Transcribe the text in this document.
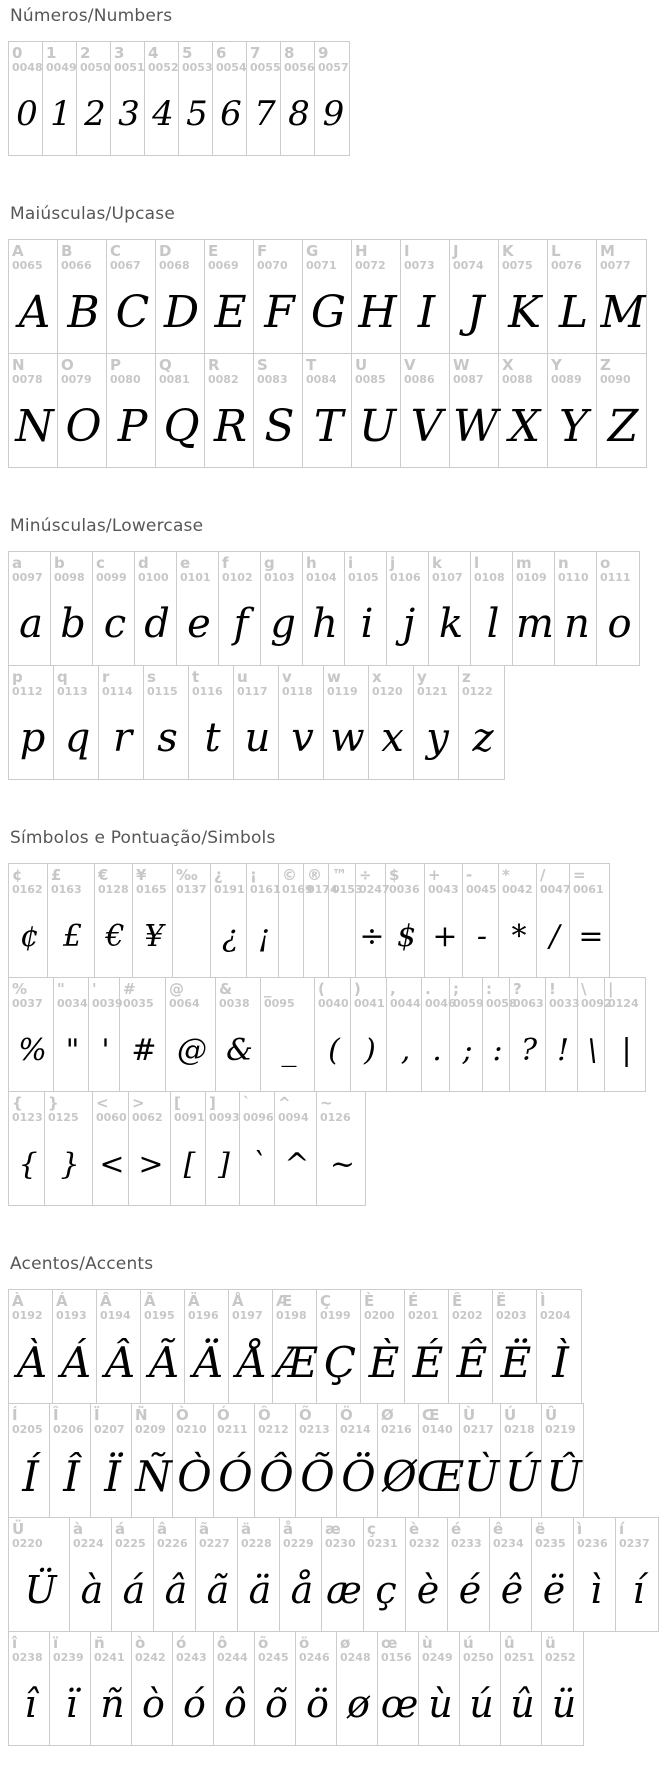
Números/Numbers
0
0048
0
1
0049
1
2
0050
2
3
0051
3
4
0052
4
5
0053
5
6
0054
6
7
0055
7
8
0056
8
9
0057
9
Maiúsculas/Upcase
A
0065
A
B
0066
B
C
0067
C
D
0068
D
E
0069
E
F
0070
F
G
0071
G
H
0072
H
I
0073
I
J
0074
J
K
0075
K
L
0076
L
M
0077
M
N
0078
N
O
0079
O
P
0080
P
Q
0081
Q
R
0082
R
S
0083
S
T
0084
T
U
0085
U
V
0086
V
W
0087
W
X
0088
X
Y
0089
Y
Z
0090
Z
Minúsculas/Lowercase
a
0097
a
b
0098
b
c
0099
c
d
0100
d
e
0101
e
f
0102
f
g
0103
g
h
0104
h
i
0105
i
j
0106
j
k
0107
k
l
0108
l
m
0109
m
n
0110
n
o
0111
o
p
0112
p
q
0113
q
r
0114
r
s
0115
s
t
0116
t
u
0117
u
v
0118
v
w
0119
w
x
0120
x
y
0121
y
z
0122
z
Símbolos e Pontuação/Simbols
¢
0162
¢
£
0163
£
€
0128
€
¥
0165
¥
‰
0137
¿
0191
¿
¡
0161
¡
©
0169
®
0174
™
0153
÷
0247
÷
$
0036
$
+
0043
+
-
0045
-
*
0042
*
/
0047
/
=
0061
=
%
0037
%
"
0034
"
'
0039
'
#
0035
#
@
0064
@
&
0038
&
_
0095
_
(
0040
(
)
0041
)
,
0044
,
.
0046
.
;
0059
;
:
0058
:
?
0063
?
!
0033
!
\
0092
\
|
0124
|
{
0123
{
}
0125
}
<
0060
<
>
0062
>
[
0091
[
]
0093
]
`
0096
`
^
0094
^
~
0126
~
Acentos/Accents
À
0192
À
Á
0193
Á
Â
0194
Â
Ã
0195
Ã
Ä
0196
Ä
Å
0197
Å
Æ
0198
Æ
Ç
0199
Ç
È
0200
È
É
0201
É
Ê
0202
Ê
Ë
0203
Ë
Ì
0204
Ì
Í
0205
Í
Î
0206
Î
Ï
0207
Ï
Ñ
0209
Ñ
Ò
0210
Ò
Ó
0211
Ó
Ô
0212
Ô
Õ
0213
Õ
Ö
0214
Ö
Ø
0216
Ø
Œ
0140
Œ
Ù
0217
Ù
Ú
0218
Ú
Û
0219
Û
Ü
0220
Ü
à
0224
à
á
0225
á
â
0226
â
ã
0227
ã
ä
0228
ä
å
0229
å
æ
0230
æ
ç
0231
ç
è
0232
è
é
0233
é
ê
0234
ê
ë
0235
ë
ì
0236
ì
í
0237
í
î
0238
î
ï
0239
ï
ñ
0241
ñ
ò
0242
ò
ó
0243
ó
ô
0244
ô
õ
0245
õ
ö
0246
ö
ø
0248
ø
œ
0156
œ
ù
0249
ù
ú
0250
ú
û
0251
û
ü
0252
ü
